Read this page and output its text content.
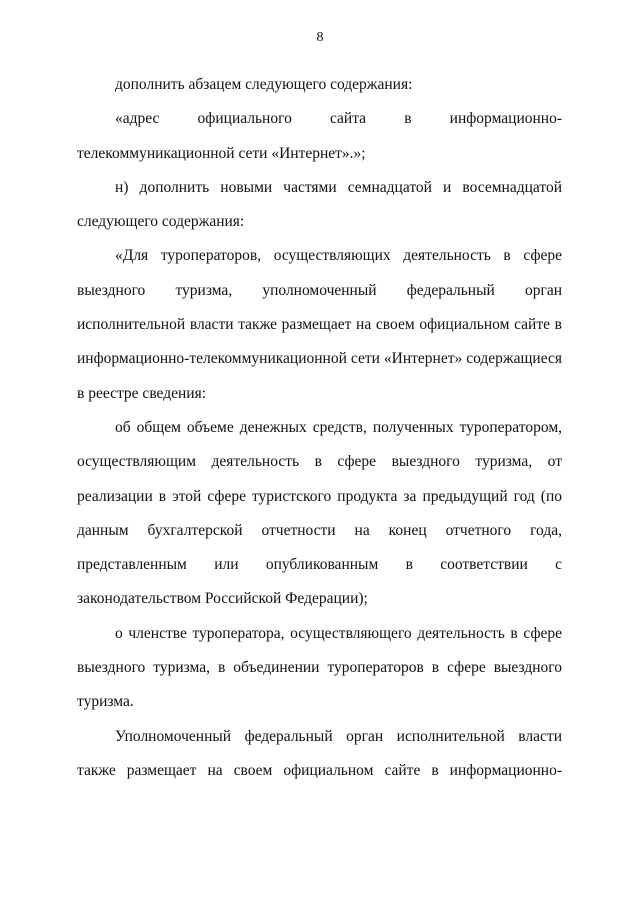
8

дополнить абзацем следующего содержания:

«адрес официального сайта в информационно-телекоммуникационной сети «Интернет».»;

н) дополнить новыми частями семнадцатой и восемнадцатой следующего содержания:

«Для туроператоров, осуществляющих деятельность в сфере выездного туризма, уполномоченный федеральный орган исполнительной власти также размещает на своем официальном сайте в информационно-телекоммуникационной сети «Интернет» содержащиеся в реестре сведения:

об общем объеме денежных средств, полученных туроператором, осуществляющим деятельность в сфере выездного туризма, от реализации в этой сфере туристского продукта за предыдущий год (по данным бухгалтерской отчетности на конец отчетного года, представленным или опубликованным в соответствии с законодательством Российской Федерации);

о членстве туроператора, осуществляющего деятельность в сфере выездного туризма, в объединении туроператоров в сфере выездного туризма.

Уполномоченный федеральный орган исполнительной власти также размещает на своем официальном сайте в информационно-
